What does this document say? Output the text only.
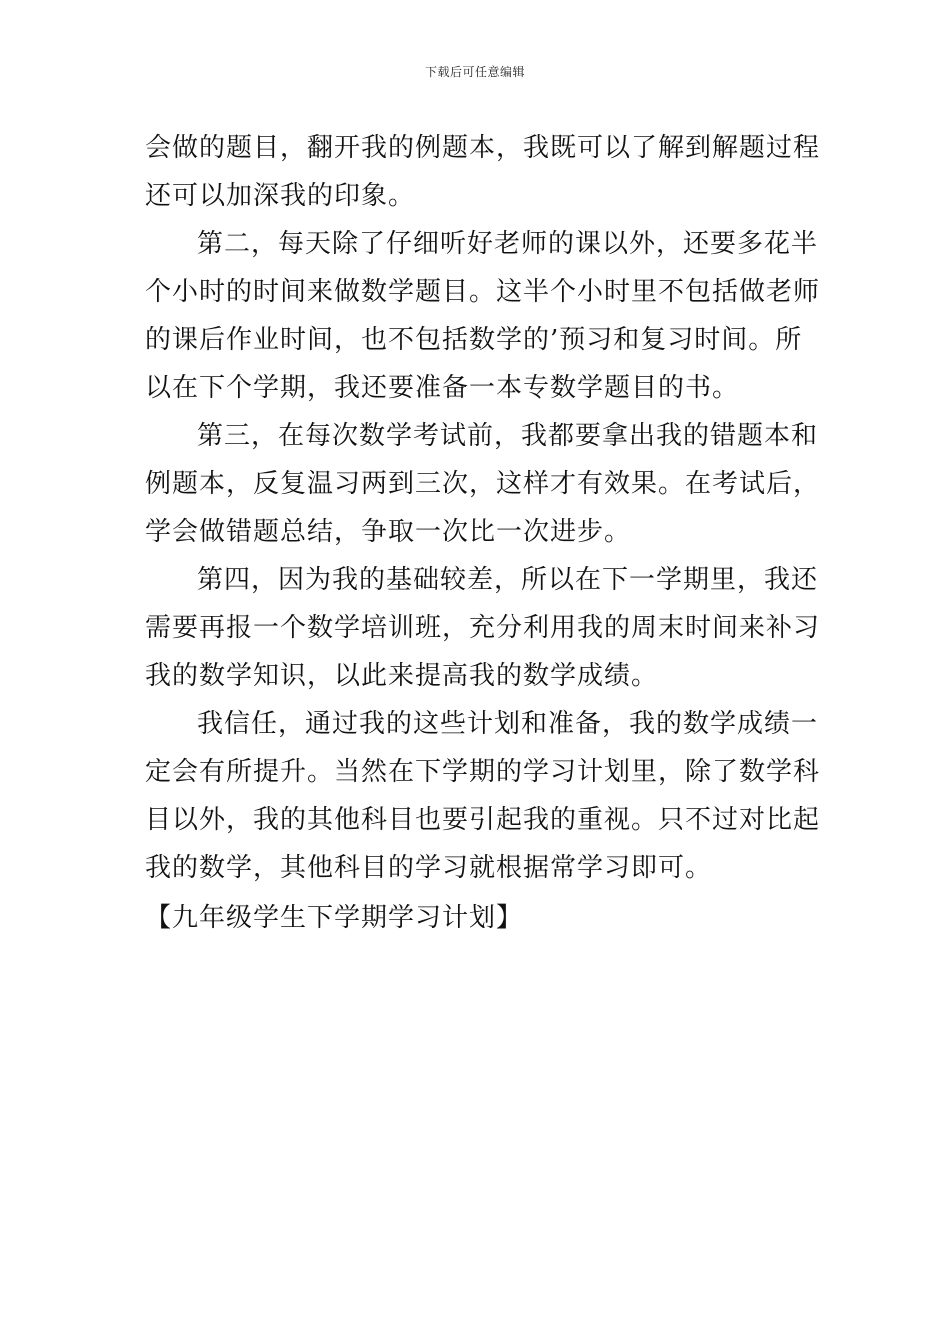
下载后可任意编辑
会做的题目，翻开我的例题本，我既可以了解到解题过程
还可以加深我的印象。
第二，每天除了仔细听好老师的课以外，还要多花半
个小时的时间来做数学题目。这半个小时里不包括做老师
的课后作业时间，也不包括数学的’预习和复习时间。所
以在下个学期，我还要准备一本专数学题目的书。
第三，在每次数学考试前，我都要拿出我的错题本和
例题本，反复温习两到三次，这样才有效果。在考试后，
学会做错题总结，争取一次比一次进步。
第四，因为我的基础较差，所以在下一学期里，我还
需要再报一个数学培训班，充分利用我的周末时间来补习
我的数学知识，以此来提高我的数学成绩。
我信任，通过我的这些计划和准备，我的数学成绩一
定会有所提升。当然在下学期的学习计划里，除了数学科
目以外，我的其他科目也要引起我的重视。只不过对比起
我的数学，其他科目的学习就根据常学习即可。
【九年级学生下学期学习计划】
